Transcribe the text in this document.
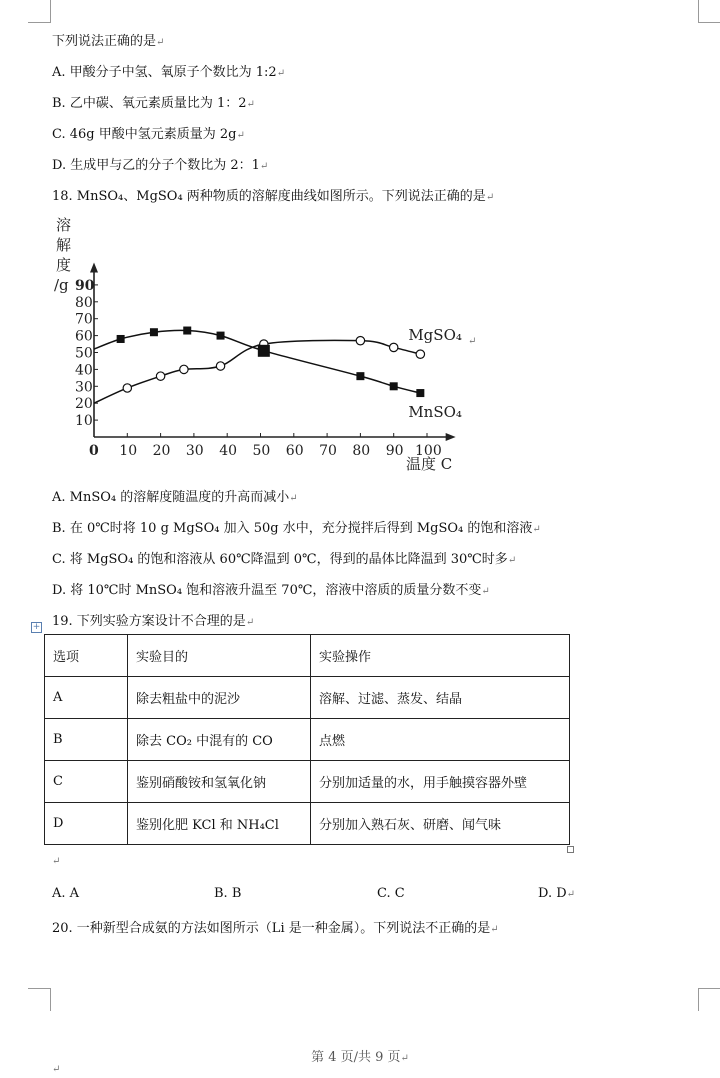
下列说法正确的是↵
A. 甲酸分子中氢、氧原子个数比为 1:2↵
B. 乙中碳、氧元素质量比为 1：2↵
C. 46g 甲酸中氢元素质量为 2g↵
D. 生成甲与乙的分子个数比为 2：1↵
18. MnSO₄、MgSO₄ 两种物质的溶解度曲线如图所示。下列说法正确的是↵
0 10 20 30 40 50 60 70 80 90 100
10
20
30
40
50
60
70
80
90
溶
解
度
/g
温度 C
MgSO₄
MnSO₄
↵
A. MnSO₄ 的溶解度随温度的升高而减小↵
B. 在 0℃时将 10 g MgSO₄ 加入 50g 水中，充分搅拌后得到 MgSO₄ 的饱和溶液↵
C. 将 MgSO₄ 的饱和溶液从 60℃降温到 0℃，得到的晶体比降温到 30℃时多↵
D. 将 10℃时 MnSO₄ 饱和溶液升温至 70℃，溶液中溶质的质量分数不变↵
19. 下列实验方案设计不合理的是↵
+
选项	实验目的	实验操作
A	除去粗盐中的泥沙	溶解、过滤、蒸发、结晶
B	除去 CO₂ 中混有的 CO	点燃
C	鉴别硝酸铵和氢氧化钠	分别加适量的水，用手触摸容器外壁
D	鉴别化肥 KCl 和 NH₄Cl	分别加入熟石灰、研磨、闻气味
↵
A. A	B. B	C. C	D. D↵
20. 一种新型合成氨的方法如图所示（Li 是一种金属）。下列说法不正确的是↵
第 4 页/共 9 页↵
↵
